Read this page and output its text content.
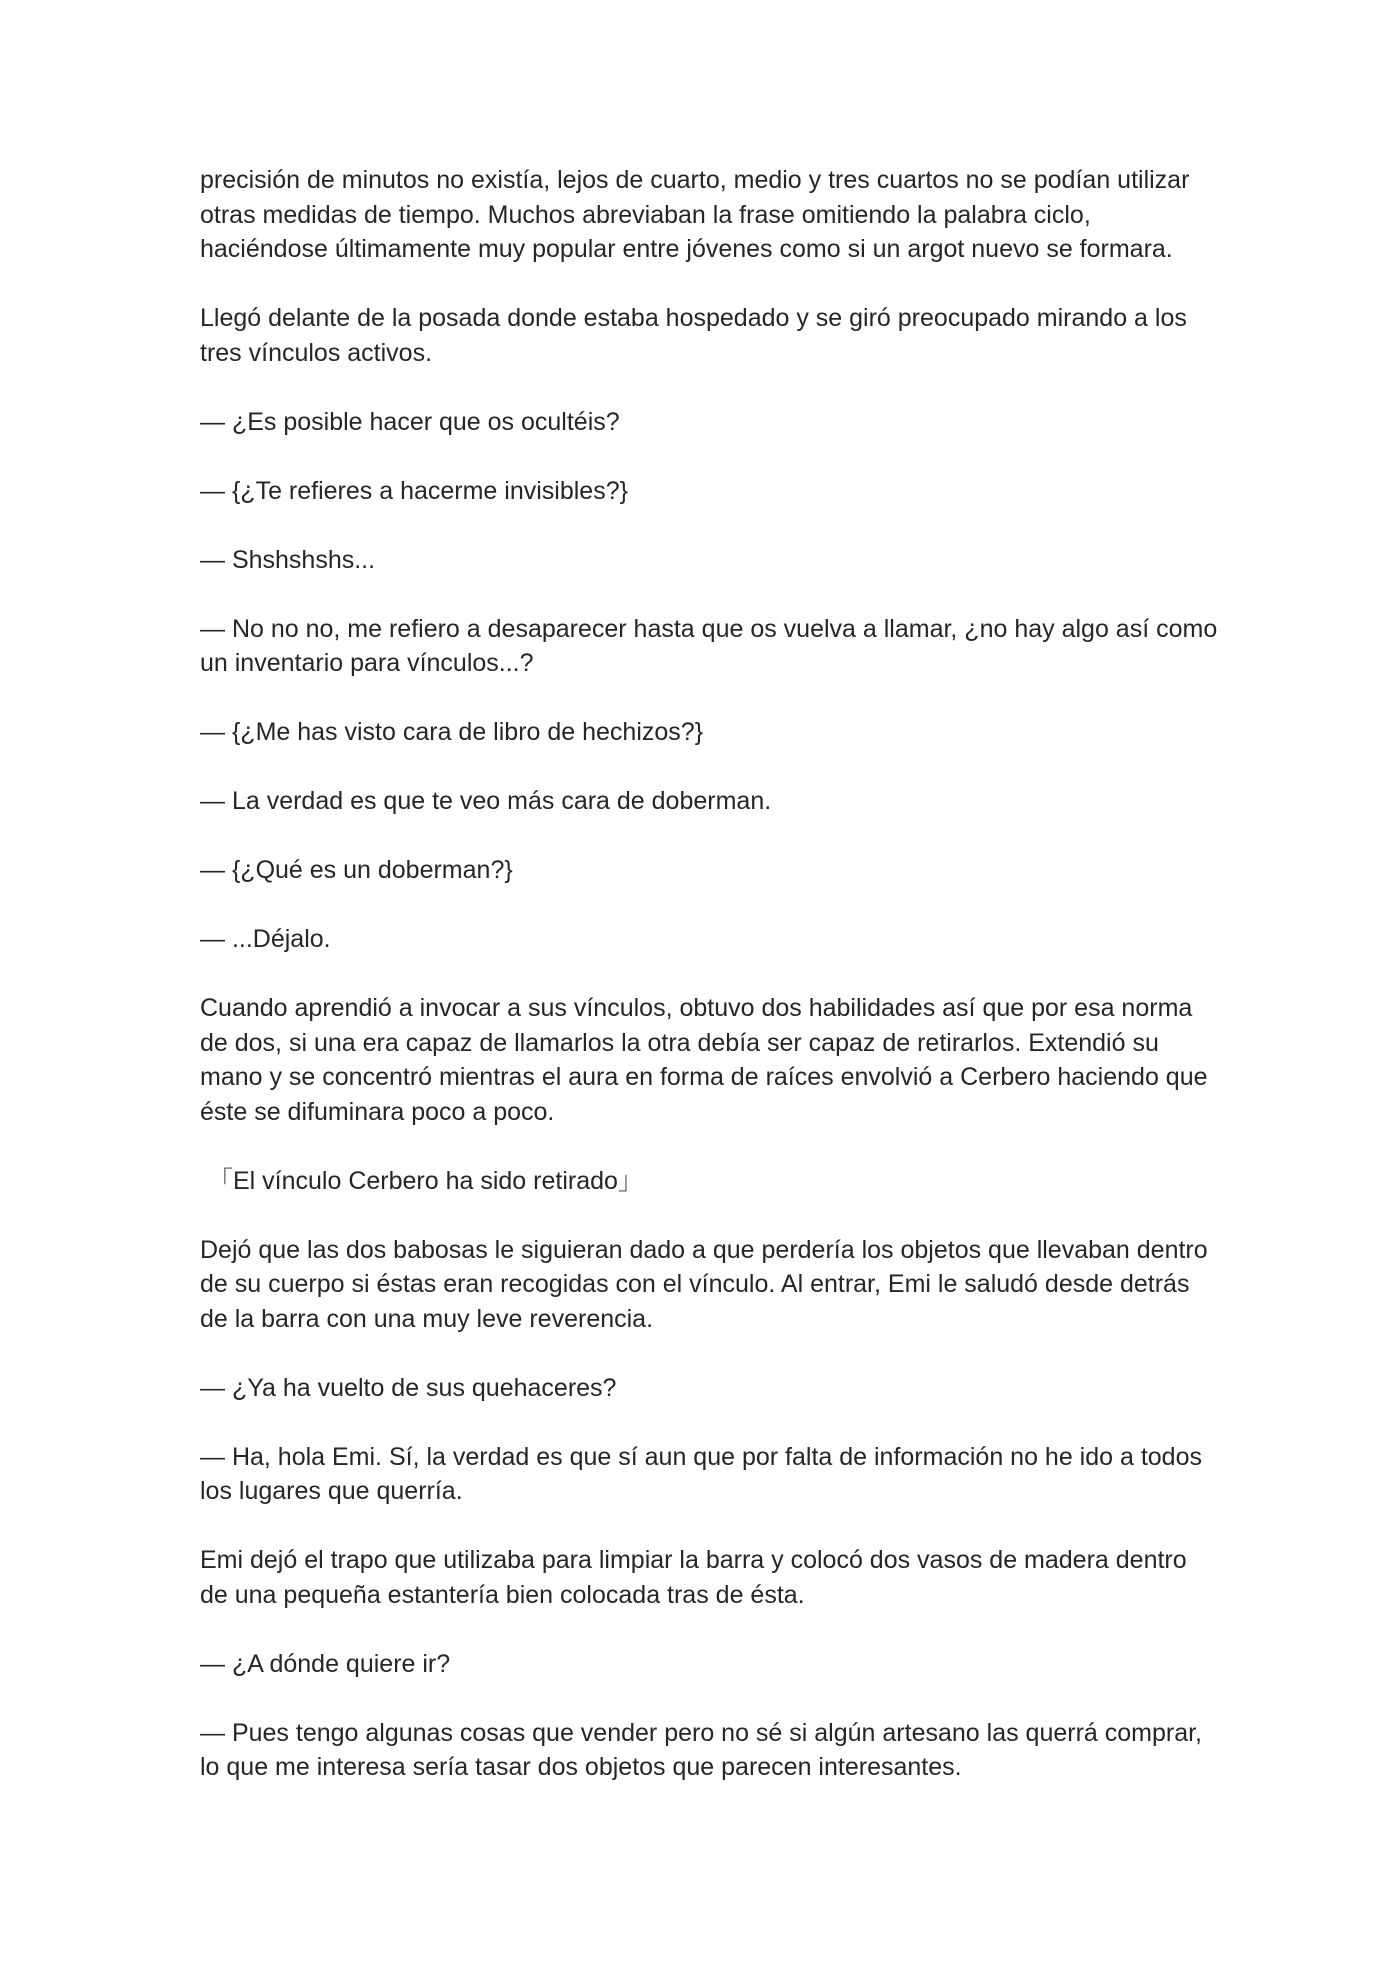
precisión de minutos no existía, lejos de cuarto, medio y tres cuartos no se podían utilizar otras medidas de tiempo. Muchos abreviaban la frase omitiendo la palabra ciclo, haciéndose últimamente muy popular entre jóvenes como si un argot nuevo se formara.

Llegó delante de la posada donde estaba hospedado y se giró preocupado mirando a los tres vínculos activos.

— ¿Es posible hacer que os ocultéis?

— {¿Te refieres a hacerme invisibles?}

— Shshshshs...

— No no no, me refiero a desaparecer hasta que os vuelva a llamar, ¿no hay algo así como un inventario para vínculos...?

— {¿Me has visto cara de libro de hechizos?}

— La verdad es que te veo más cara de doberman.

— {¿Qué es un doberman?}

— ...Déjalo.

Cuando aprendió a invocar a sus vínculos, obtuvo dos habilidades así que por esa norma de dos, si una era capaz de llamarlos la otra debía ser capaz de retirarlos. Extendió su mano y se concentró mientras el aura en forma de raíces envolvió a Cerbero haciendo que éste se difuminara poco a poco.

「El vínculo Cerbero ha sido retirado」

Dejó que las dos babosas le siguieran dado a que perdería los objetos que llevaban dentro de su cuerpo si éstas eran recogidas con el vínculo. Al entrar, Emi le saludó desde detrás de la barra con una muy leve reverencia.

— ¿Ya ha vuelto de sus quehaceres?

— Ha, hola Emi. Sí, la verdad es que sí aun que por falta de información no he ido a todos los lugares que querría.

Emi dejó el trapo que utilizaba para limpiar la barra y colocó dos vasos de madera dentro de una pequeña estantería bien colocada tras de ésta.

— ¿A dónde quiere ir?

— Pues tengo algunas cosas que vender pero no sé si algún artesano las querrá comprar, lo que me interesa sería tasar dos objetos que parecen interesantes.
